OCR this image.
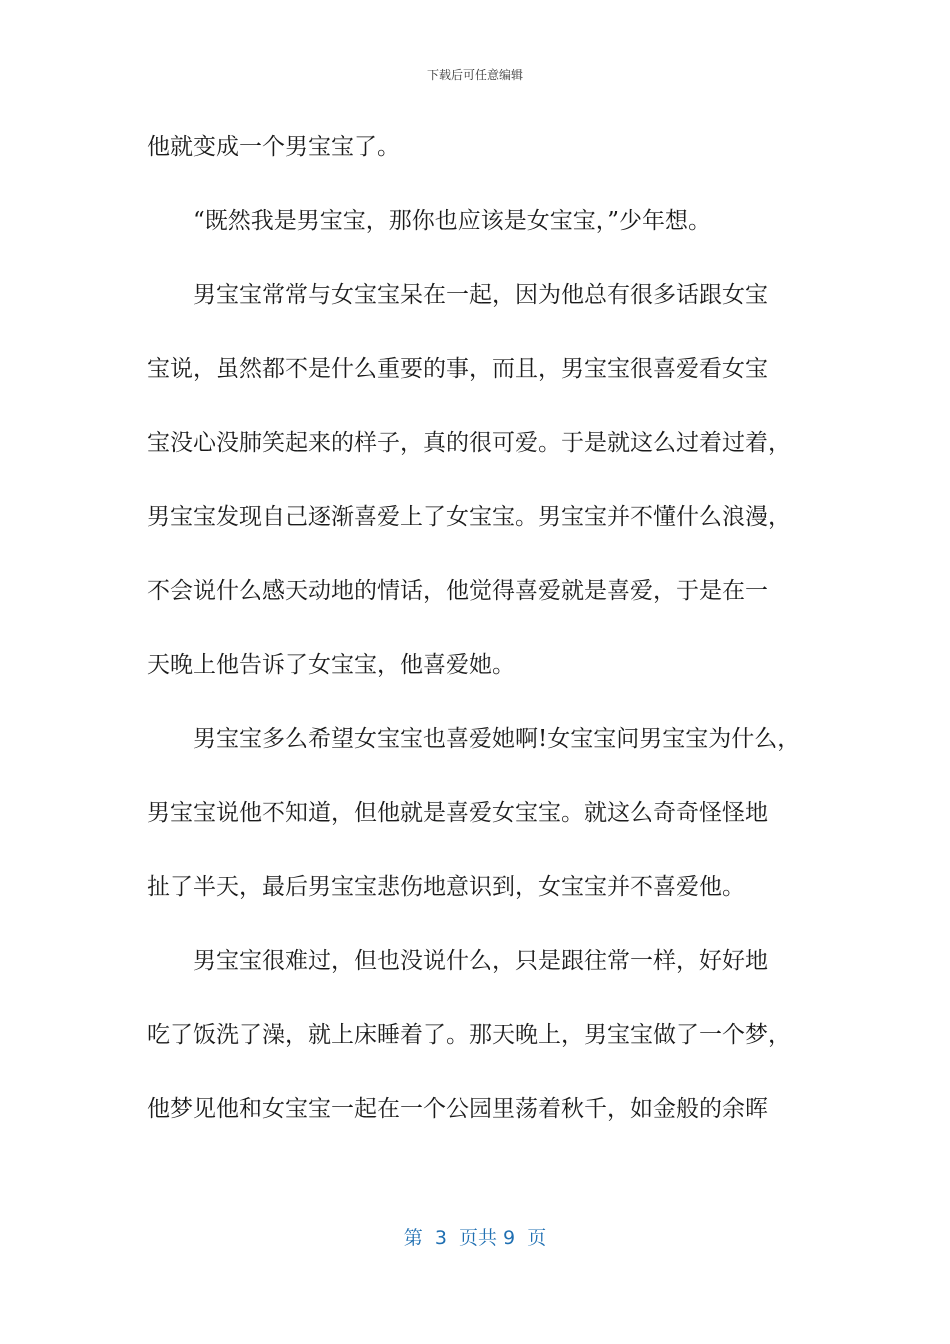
下载后可任意编辑
他就变成一个男宝宝了。
“既然我是男宝宝，那你也应该是女宝宝，”少年想。
男宝宝常常与女宝宝呆在一起，因为他总有很多话跟女宝
宝说，虽然都不是什么重要的事，而且，男宝宝很喜爱看女宝
宝没心没肺笑起来的样子，真的很可爱。于是就这么过着过着，
男宝宝发现自己逐渐喜爱上了女宝宝。男宝宝并不懂什么浪漫，
不会说什么感天动地的情话，他觉得喜爱就是喜爱，于是在一
天晚上他告诉了女宝宝，他喜爱她。
男宝宝多么希望女宝宝也喜爱她啊!女宝宝问男宝宝为什么，
男宝宝说他不知道，但他就是喜爱女宝宝。就这么奇奇怪怪地
扯了半天，最后男宝宝悲伤地意识到，女宝宝并不喜爱他。
男宝宝很难过，但也没说什么，只是跟往常一样，好好地
吃了饭洗了澡，就上床睡着了。那天晚上，男宝宝做了一个梦，
他梦见他和女宝宝一起在一个公园里荡着秋千，如金般的余晖
第  3  页共 9  页
